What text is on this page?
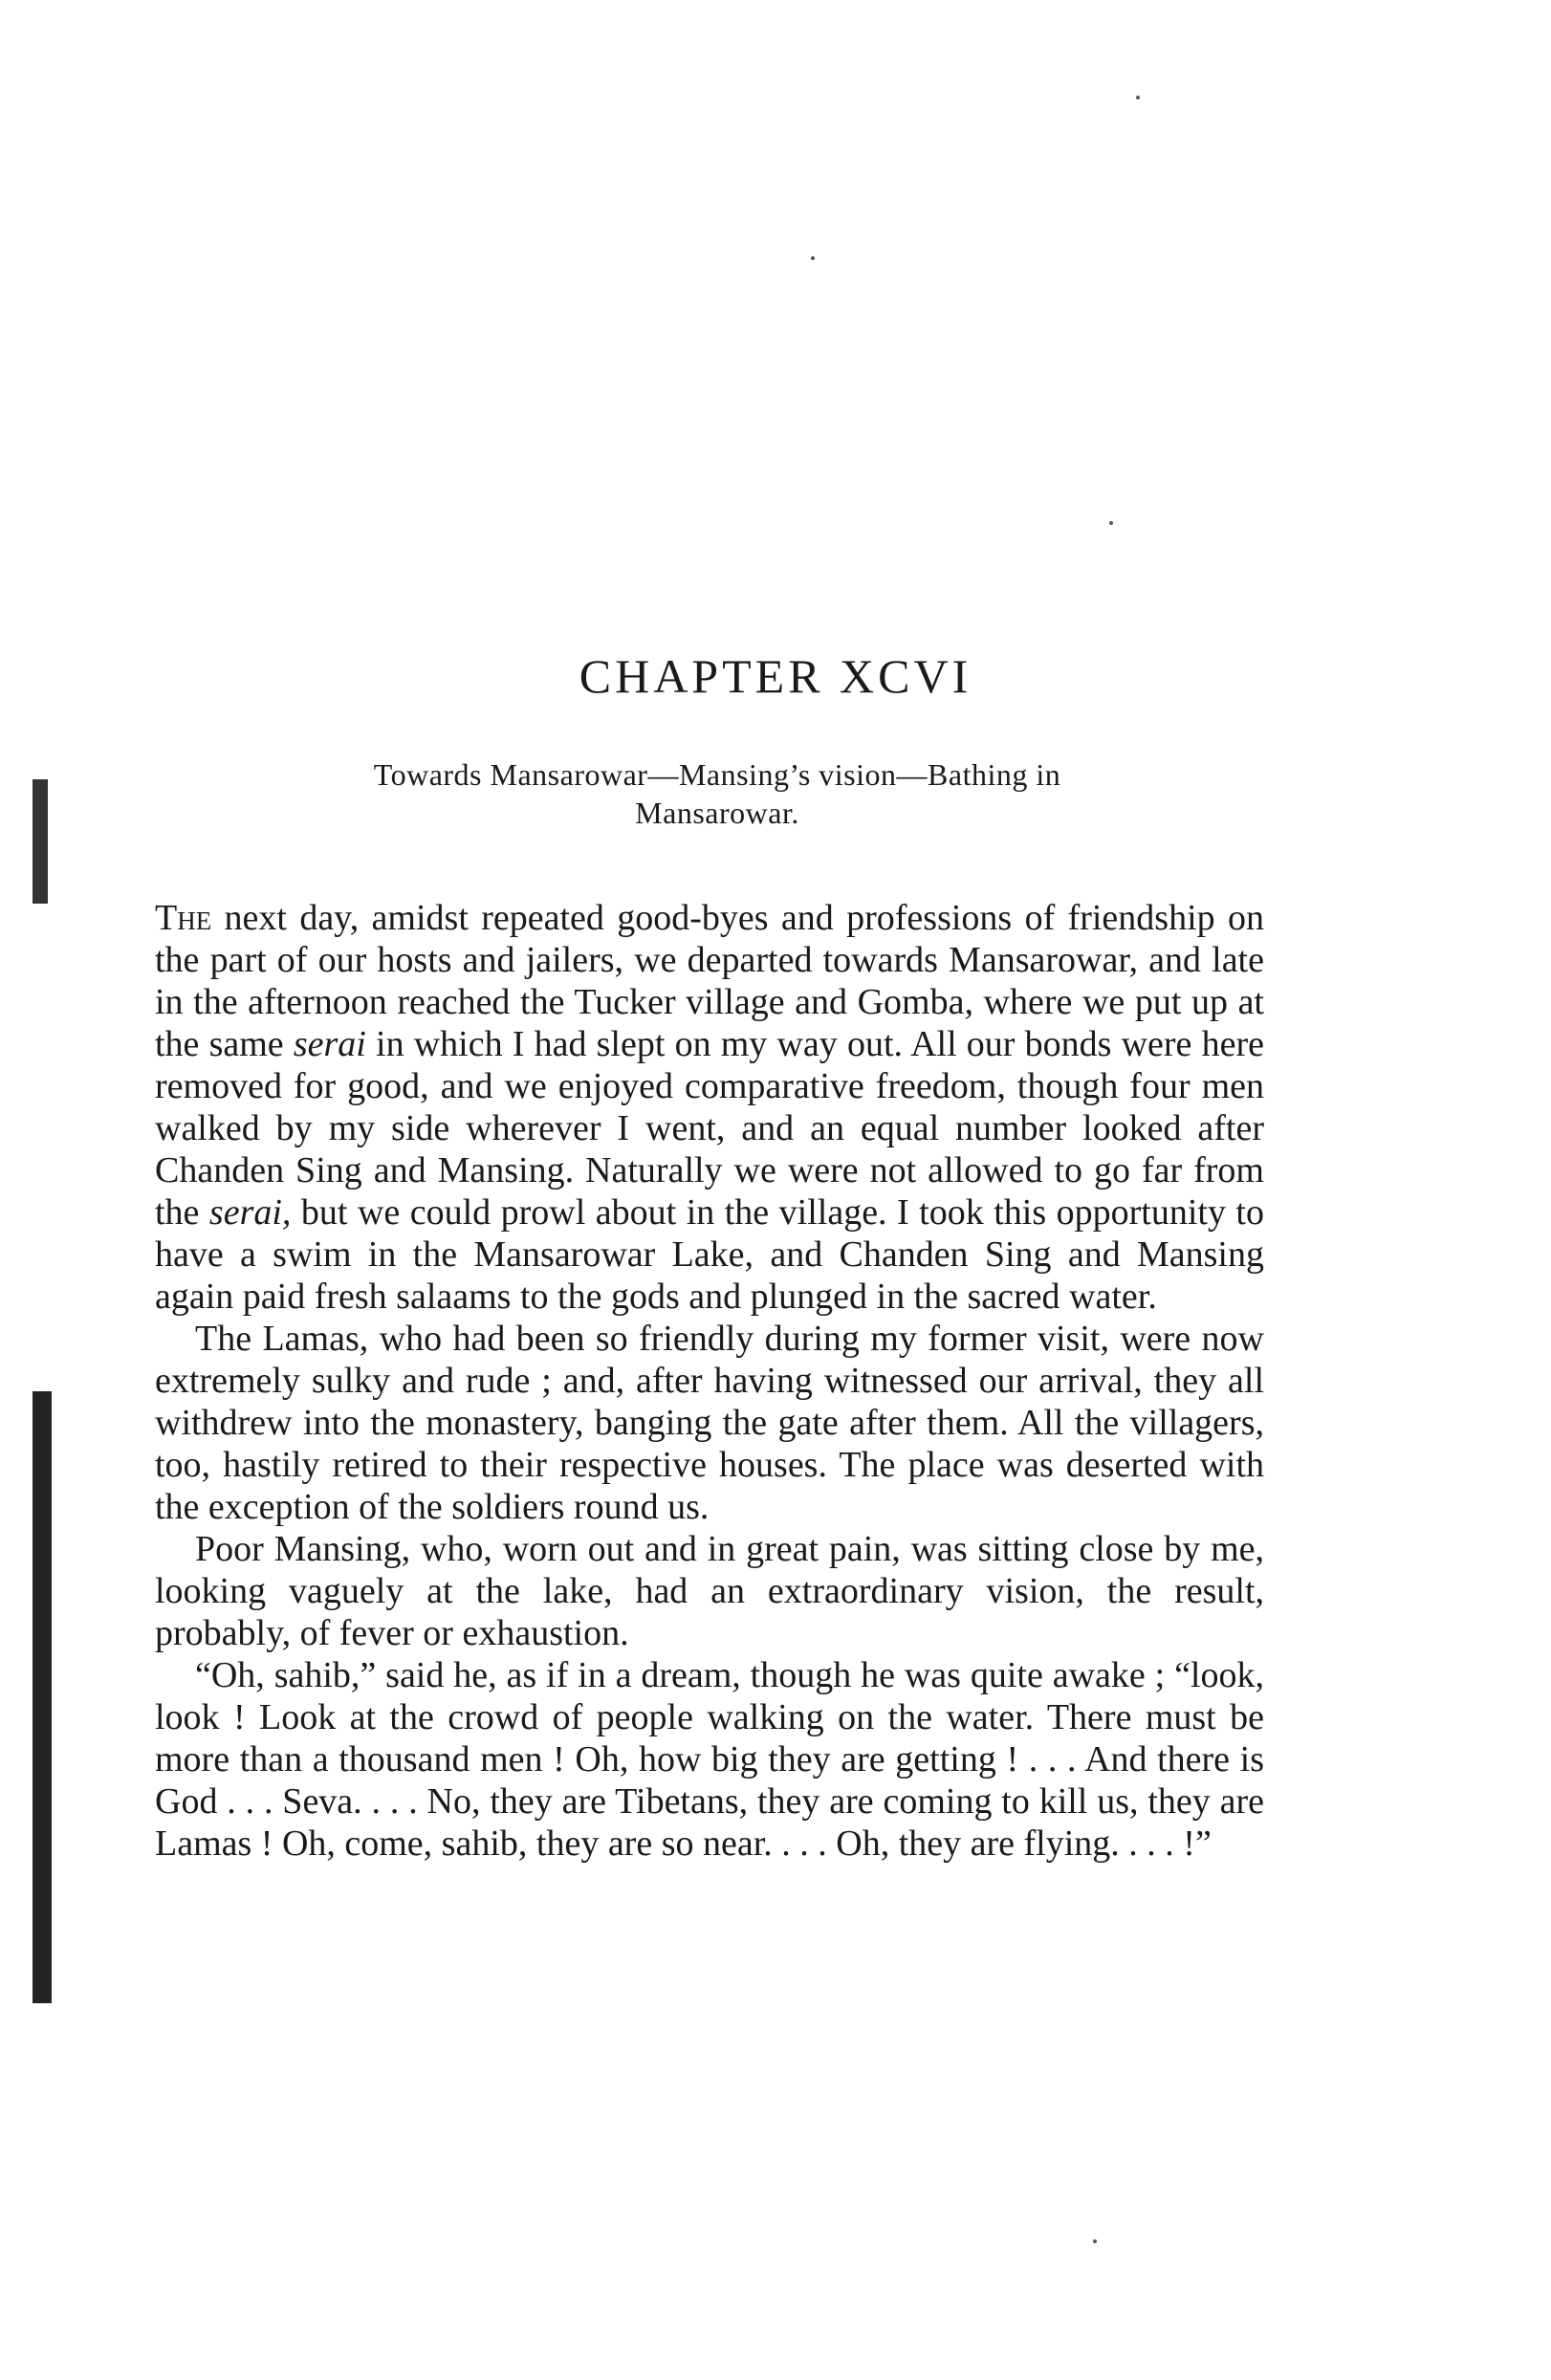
CHAPTER XCVI
Towards Mansarowar—Mansing’s vision—Bathing in
Mansarowar.

The next day, amidst repeated good-byes and professions of friendship on the part of our hosts and jailers, we departed towards Mansarowar, and late in the afternoon reached the Tucker village and Gomba, where we put up at the same serai in which I had slept on my way out. All our bonds were here removed for good, and we enjoyed comparative freedom, though four men walked by my side wherever I went, and an equal number looked after Chanden Sing and Mansing. Naturally we were not allowed to go far from the serai, but we could prowl about in the village. I took this opportunity to have a swim in the Mansarowar Lake, and Chanden Sing and Mansing again paid fresh salaams to the gods and plunged in the sacred water.

The Lamas, who had been so friendly during my former visit, were now extremely sulky and rude ; and, after having witnessed our arrival, they all withdrew into the monastery, banging the gate after them. All the villagers, too, hastily retired to their respective houses. The place was deserted with the exception of the soldiers round us.

Poor Mansing, who, worn out and in great pain, was sitting close by me, looking vaguely at the lake, had an extraordinary vision, the result, probably, of fever or exhaustion.

“Oh, sahib,” said he, as if in a dream, though he was quite awake ; “look, look ! Look at the crowd of people walking on the water. There must be more than a thousand men ! Oh, how big they are getting ! . . . And there is God . . . Seva. . . . No, they are Tibetans, they are coming to kill us, they are Lamas ! Oh, come, sahib, they are so near. . . . Oh, they are flying. . . . !”
